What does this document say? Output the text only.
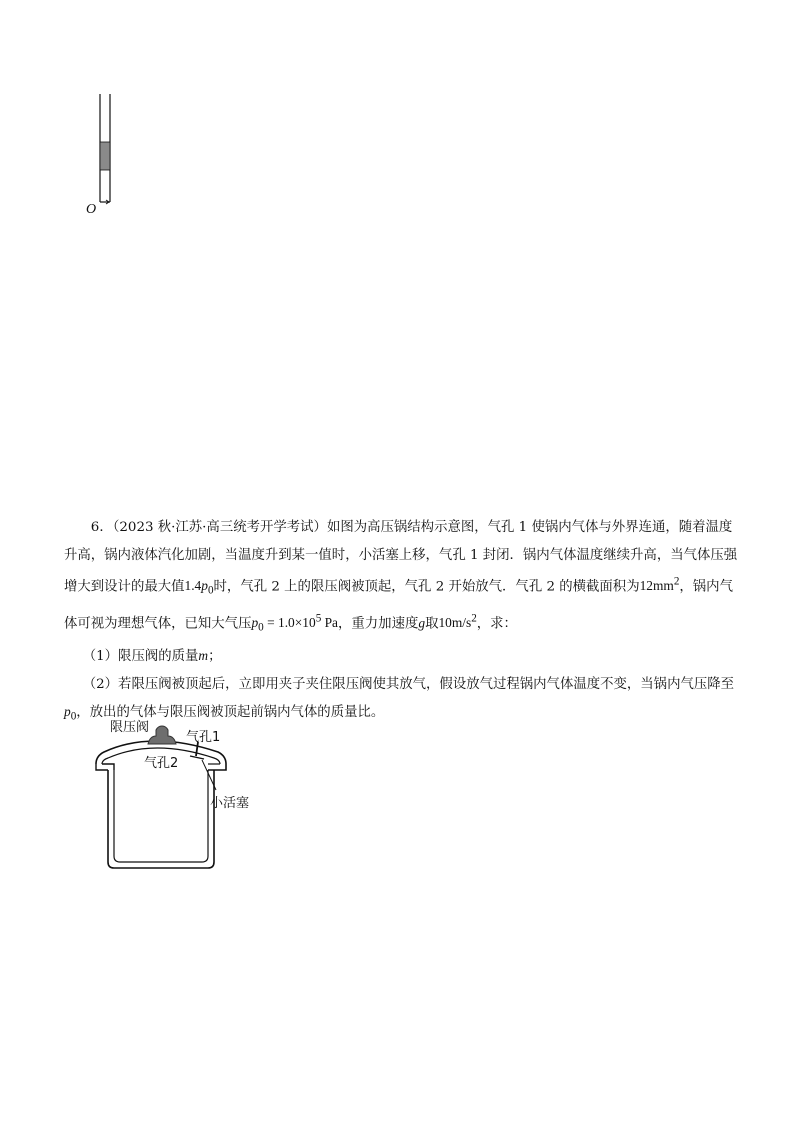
O

6．（2023 秋·江苏·高三统考开学考试）如图为高压锅结构示意图，气孔 1 使锅内气体与外界连通，随着温度升高，锅内液体汽化加剧，当温度升到某一值时，小活塞上移，气孔 1 封闭．锅内气体温度继续升高，当气体压强增大到设计的最大值$1.4p_0$时，气孔 2 上的限压阀被顶起，气孔 2 开始放气．气孔 2 的横截面积为$12mm^2$，锅内气体可视为理想气体，已知大气压$p_0 = 1.0\times 10^5$ Pa，重力加速度g取$10m/s^2$，求：

（1）限压阀的质量m；

（2）若限压阀被顶起后，立即用夹子夹住限压阀使其放气，假设放气过程锅内气体温度不变，当锅内气压降至$p_0$，放出的气体与限压阀被顶起前锅内气体的质量比。

限压阀
气孔1
气孔2
小活塞
